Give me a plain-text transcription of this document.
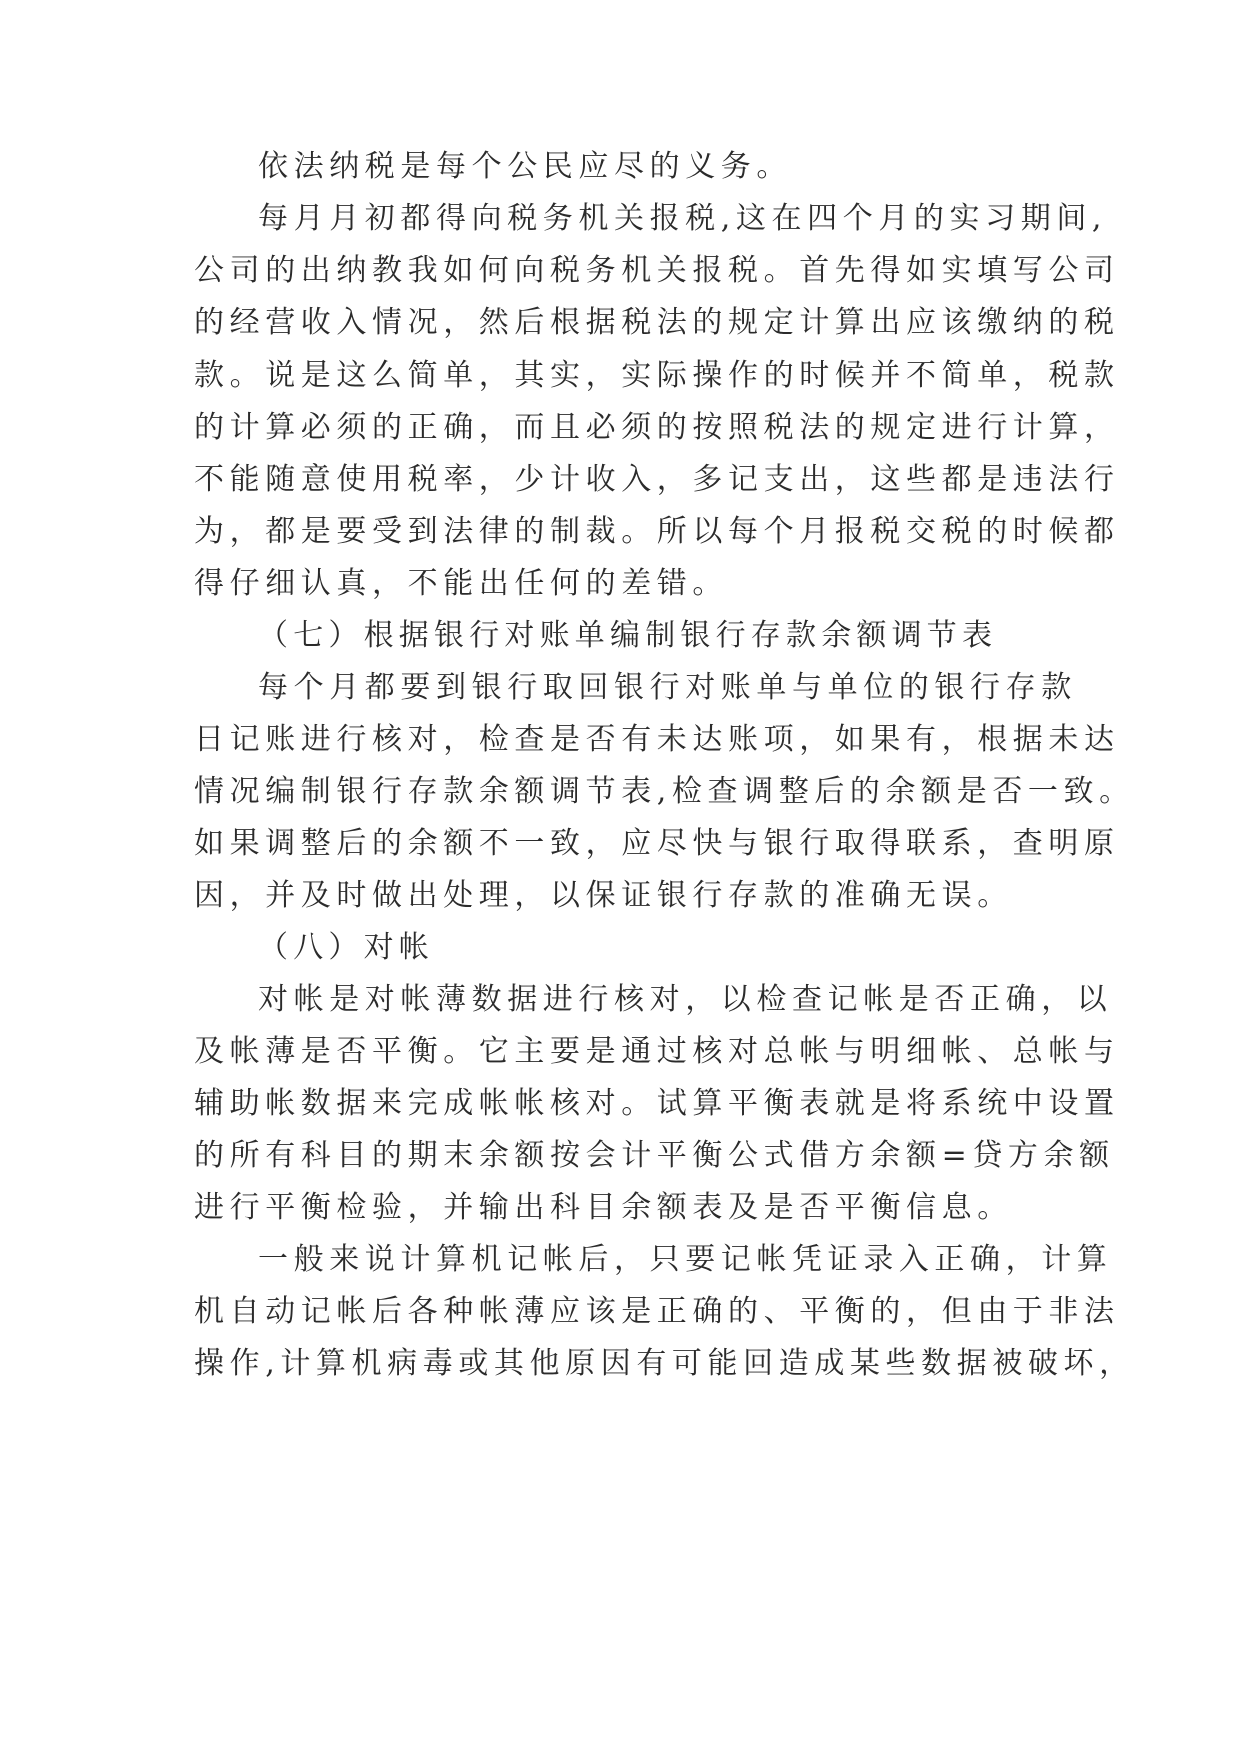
依法纳税是每个公民应尽的义务。
每月月初都得向税务机关报税,这在四个月的实习期间,
公司的出纳教我如何向税务机关报税。首先得如实填写公司
的经营收入情况，然后根据税法的规定计算出应该缴纳的税
款。说是这么简单，其实，实际操作的时候并不简单，税款
的计算必须的正确，而且必须的按照税法的规定进行计算，
不能随意使用税率，少计收入，多记支出，这些都是违法行
为，都是要受到法律的制裁。所以每个月报税交税的时候都
得仔细认真，不能出任何的差错。
（七）根据银行对账单编制银行存款余额调节表
每个月都要到银行取回银行对账单与单位的银行存款
日记账进行核对，检查是否有未达账项，如果有，根据未达
情况编制银行存款余额调节表,检查调整后的余额是否一致。
如果调整后的余额不一致，应尽快与银行取得联系，查明原
因，并及时做出处理，以保证银行存款的准确无误。
（八）对帐
对帐是对帐薄数据进行核对，以检查记帐是否正确，以
及帐薄是否平衡。它主要是通过核对总帐与明细帐、总帐与
辅助帐数据来完成帐帐核对。试算平衡表就是将系统中设置
的所有科目的期末余额按会计平衡公式借方余额=贷方余额
进行平衡检验，并输出科目余额表及是否平衡信息。
一般来说计算机记帐后，只要记帐凭证录入正确，计算
机自动记帐后各种帐薄应该是正确的、平衡的，但由于非法
操作,计算机病毒或其他原因有可能回造成某些数据被破坏，
